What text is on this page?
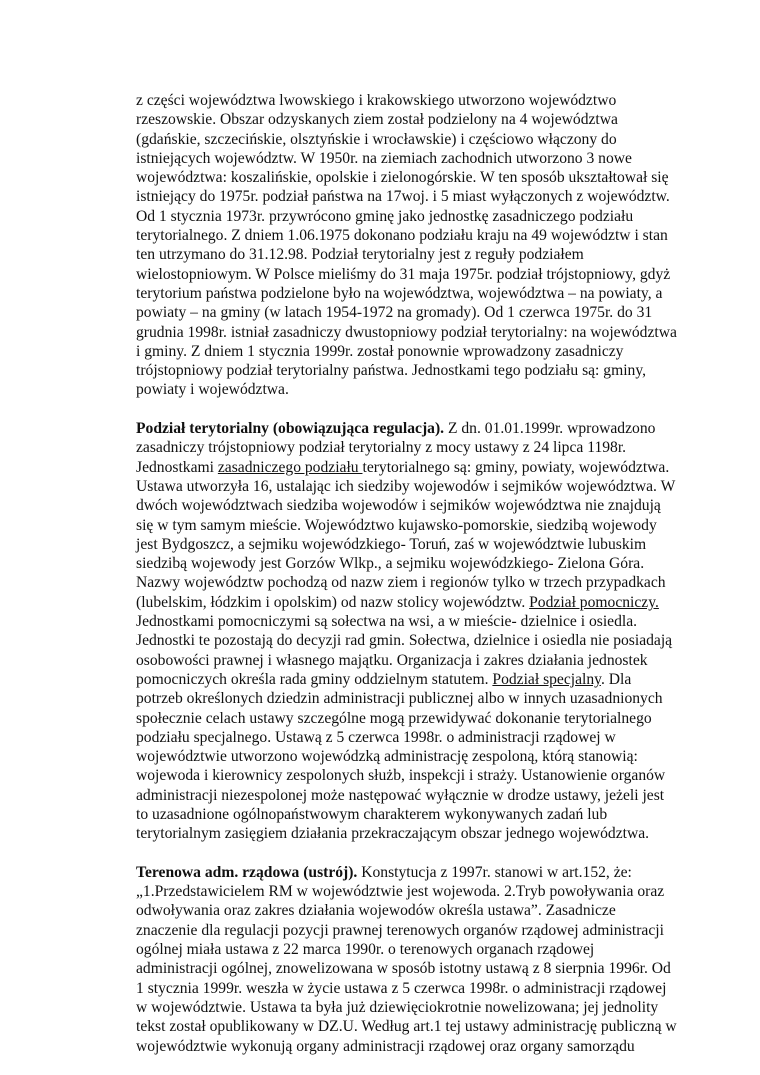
z części województwa lwowskiego i krakowskiego utworzono województwo
rzeszowskie. Obszar odzyskanych ziem został podzielony na 4 województwa
(gdańskie, szczecińskie, olsztyńskie i wrocławskie) i częściowo włączony do
istniejących województw. W 1950r. na ziemiach zachodnich utworzono 3 nowe
województwa: koszalińskie, opolskie i zielonogórskie. W ten sposób ukształtował się
istniejący do 1975r. podział państwa na 17woj. i 5 miast wyłączonych z województw.
Od 1 stycznia 1973r. przywrócono gminę jako jednostkę zasadniczego podziału
terytorialnego. Z dniem 1.06.1975 dokonano podziału kraju na 49 województw i stan
ten utrzymano do 31.12.98. Podział terytorialny jest z reguły podziałem
wielostopniowym. W Polsce mieliśmy do 31 maja 1975r. podział trójstopniowy, gdyż
terytorium państwa podzielone było na województwa, województwa – na powiaty, a
powiaty – na gminy (w latach 1954-1972 na gromady). Od 1 czerwca 1975r. do 31
grudnia 1998r. istniał zasadniczy dwustopniowy podział terytorialny: na województwa
i gminy. Z dniem 1 stycznia 1999r. został ponownie wprowadzony zasadniczy
trójstopniowy podział terytorialny państwa. Jednostkami tego podziału są: gminy,
powiaty i województwa.
Podział terytorialny (obowiązująca regulacja). Z dn. 01.01.1999r. wprowadzono
zasadniczy trójstopniowy podział terytorialny z mocy ustawy z 24 lipca 1198r.
Jednostkami zasadniczego podziału terytorialnego są: gminy, powiaty, województwa.
Ustawa utworzyła 16, ustalając ich siedziby wojewodów i sejmików województwa. W
dwóch województwach siedziba wojewodów i sejmików województwa nie znajdują
się w tym samym mieście. Województwo kujawsko-pomorskie, siedzibą wojewody
jest Bydgoszcz, a sejmiku wojewódzkiego- Toruń, zaś w województwie lubuskim
siedzibą wojewody jest Gorzów Wlkp., a sejmiku wojewódzkiego- Zielona Góra.
Nazwy województw pochodzą od nazw ziem i regionów tylko w trzech przypadkach
(lubelskim, łódzkim i opolskim) od nazw stolicy województw. Podział pomocniczy.
Jednostkami pomocniczymi są sołectwa na wsi, a w mieście- dzielnice i osiedla.
Jednostki te pozostają do decyzji rad gmin. Sołectwa, dzielnice i osiedla nie posiadają
osobowości prawnej i własnego majątku. Organizacja i zakres działania jednostek
pomocniczych określa rada gminy oddzielnym statutem. Podział specjalny. Dla
potrzeb określonych dziedzin administracji publicznej albo w innych uzasadnionych
społecznie celach ustawy szczególne mogą przewidywać dokonanie terytorialnego
podziału specjalnego. Ustawą z 5 czerwca 1998r. o administracji rządowej w
województwie utworzono wojewódzką administrację zespoloną, którą stanowią:
wojewoda i kierownicy zespolonych służb, inspekcji i straży. Ustanowienie organów
administracji niezespolonej może następować wyłącznie w drodze ustawy, jeżeli jest
to uzasadnione ogólnopaństwowym charakterem wykonywanych zadań lub
terytorialnym zasięgiem działania przekraczającym obszar jednego województwa.
Terenowa adm. rządowa (ustrój). Konstytucja z 1997r. stanowi w art.152, że:
„1.Przedstawicielem RM w województwie jest wojewoda. 2.Tryb powoływania oraz
odwoływania oraz zakres działania wojewodów określa ustawa”. Zasadnicze
znaczenie dla regulacji pozycji prawnej terenowych organów rządowej administracji
ogólnej miała ustawa z 22 marca 1990r. o terenowych organach rządowej
administracji ogólnej, znowelizowana w sposób istotny ustawą z 8 sierpnia 1996r. Od
1 stycznia 1999r. weszła w życie ustawa z 5 czerwca 1998r. o administracji rządowej
w województwie. Ustawa ta była już dziewięciokrotnie nowelizowana; jej jednolity
tekst został opublikowany w DZ.U. Według art.1 tej ustawy administrację publiczną w
województwie wykonują organy administracji rządowej oraz organy samorządu
